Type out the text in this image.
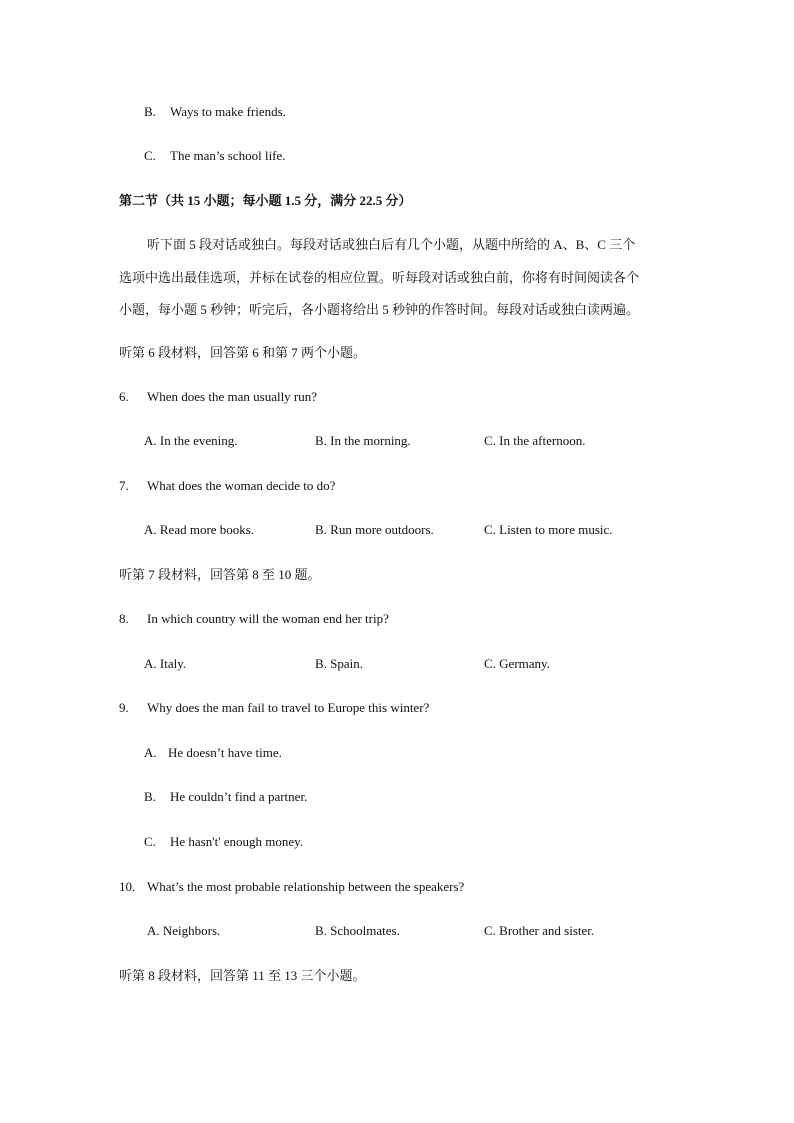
B. Ways to make friends.
C. The man’s school life.
第二节（共 15 小题；每小题 1.5 分，满分 22.5 分）
听下面 5 段对话或独白。每段对话或独白后有几个小题，从题中所给的 A、B、C 三个
选项中选出最佳选项，并标在试卷的相应位置。听每段对话或独白前，你将有时间阅读各个
小题，每小题 5 秒钟；听完后，各小题将给出 5 秒钟的作答时间。每段对话或独白读两遍。
听第 6 段材料，回答第 6 和第 7 两个小题。
6. When does the man usually run?
A. In the evening.	B. In the morning.	C. In the afternoon.
7. What does the woman decide to do?
A. Read more books.	B. Run more outdoors.	C. Listen to more music.
听第 7 段材料，回答第 8 至 10 题。
8. In which country will the woman end her trip?
A. Italy.	B. Spain.	C. Germany.
9. Why does the man fail to travel to Europe this winter?
A. He doesn’t have time.
B. He couldn’t find a partner.
C. He hasn't' enough money.
10. What’s the most probable relationship between the speakers?
A. Neighbors.	B. Schoolmates.	C. Brother and sister.
听第 8 段材料，回答第 11 至 13 三个小题。
